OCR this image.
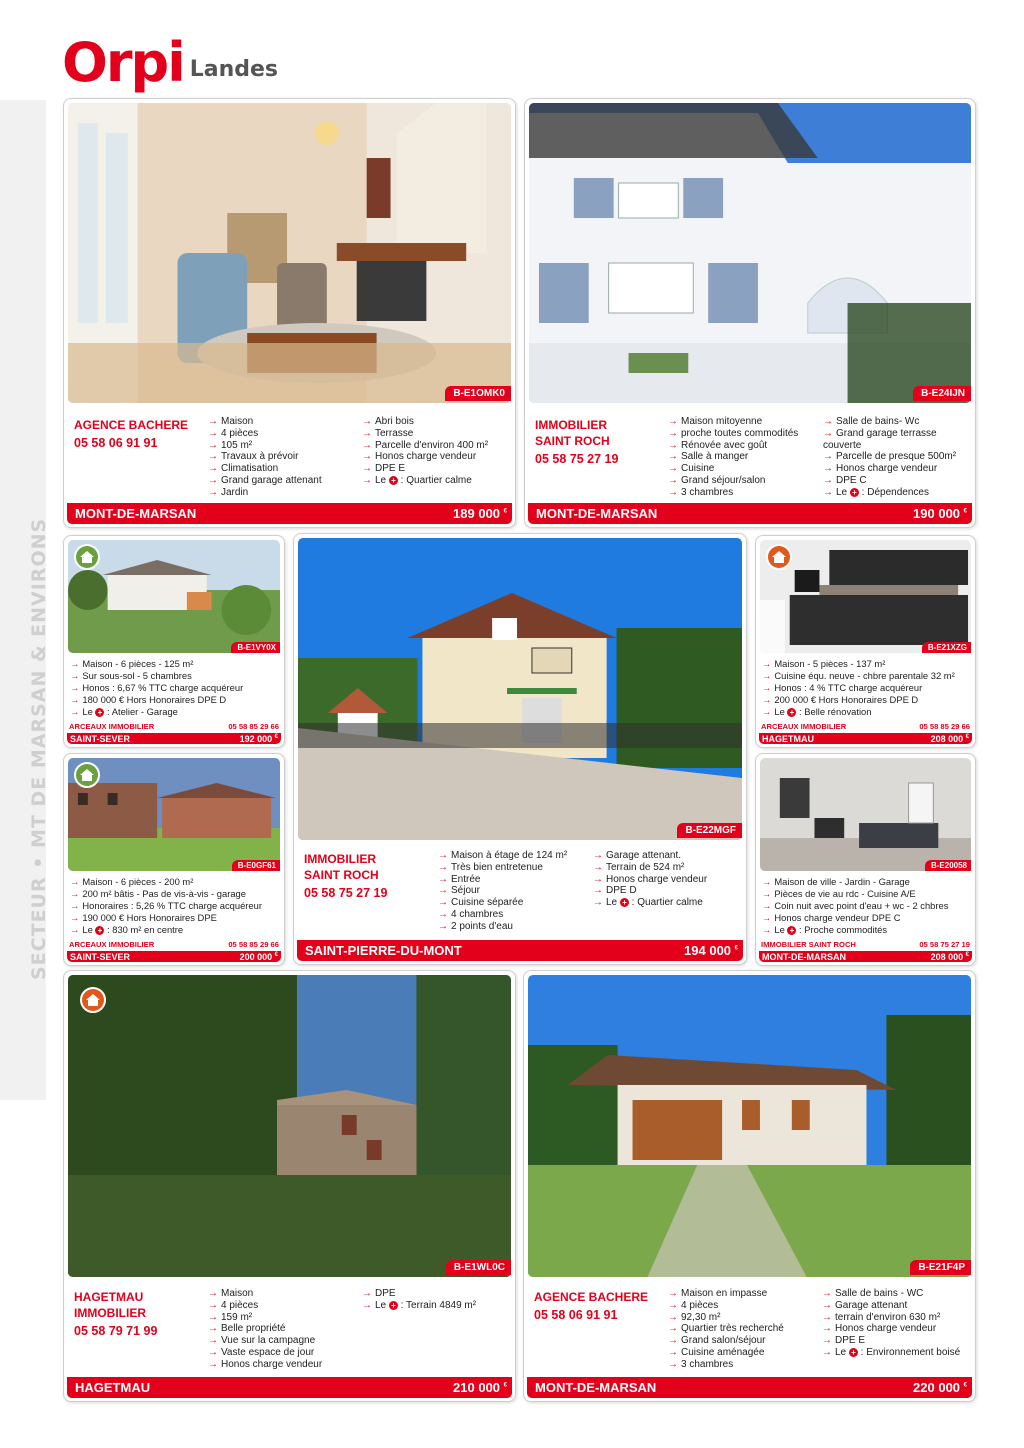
Orpi Landes
SECTEUR • MT DE MARSAN & ENVIRONS
B-E1OMK0
AGENCE BACHERE
05 58 06 91 91
→ Maison
→ 4 pièces
→ 105 m²
→ Travaux à prévoir
→ Climatisation
→ Grand garage attenant
→ Jardin
→ Abri bois
→ Terrasse
→ Parcelle d'environ 400 m²
→ Honos charge vendeur
→ DPE E
→ Le + : Quartier calme
MONT-DE-MARSAN	189 000 €
B-E24IJN
IMMOBILIER
SAINT ROCH
05 58 75 27 19
→ Maison mitoyenne
→ proche toutes commodités
→ Rénovée avec goût
→ Salle à manger
→ Cuisine
→ Grand séjour/salon
→ 3 chambres
→ Salle de bains- Wc
→ Grand garage terrasse couverte
→ Parcelle de presque 500m²
→ Honos charge vendeur
→ DPE C
→ Le + : Dépendences
MONT-DE-MARSAN	190 000 €
B-E1VY0X
→ Maison - 6 pièces - 125 m²
→ Sur sous-sol - 5 chambres
→ Honos : 6,67 % TTC charge acquéreur
→ 180 000 € Hors Honoraires DPE D
→ Le + : Atelier - Garage
ARCEAUX IMMOBILIER	05 58 85 29 66
SAINT-SEVER	192 000 €
B-E0GF61
→ Maison - 6 pièces - 200 m²
→ 200 m² bâtis - Pas de vis-à-vis - garage
→ Honoraires : 5,26 % TTC charge acquéreur
→ 190 000 € Hors Honoraires DPE
→ Le + : 830 m² en centre
ARCEAUX IMMOBILIER	05 58 85 29 66
SAINT-SEVER	200 000 €
B-E22MGF
IMMOBILIER
SAINT ROCH
05 58 75 27 19
→ Maison à étage de 124 m²
→ Très bien entretenue
→ Entrée
→ Séjour
→ Cuisine séparée
→ 4 chambres
→ 2 points d'eau
→ Garage attenant.
→ Terrain de 524 m²
→ Honos charge vendeur
→ DPE D
→ Le + : Quartier calme
SAINT-PIERRE-DU-MONT	194 000 €
B-E21XZG
→ Maison - 5 pièces - 137 m²
→ Cuisine équ. neuve - chbre parentale 32 m²
→ Honos : 4 % TTC charge acquéreur
→ 200 000 € Hors Honoraires DPE D
→ Le + : Belle rénovation
ARCEAUX IMMOBILIER	05 58 85 29 66
HAGETMAU	208 000 €
B-E20058
→ Maison de ville - Jardin - Garage
→ Pièces de vie au rdc - Cuisine A/E
→ Coin nuit avec point d'eau + wc - 2 chbres
→ Honos charge vendeur DPE C
→ Le + : Proche commodités
IMMOBILIER SAINT ROCH	05 58 75 27 19
MONT-DE-MARSAN	208 000 €
B-E1WL0C
HAGETMAU
IMMOBILIER
05 58 79 71 99
→ Maison
→ 4 pièces
→ 159 m²
→ Belle propriété
→ Vue sur la campagne
→ Vaste espace de jour
→ Honos charge vendeur
→ DPE
→ Le + : Terrain 4849 m²
HAGETMAU	210 000 €
B-E21F4P
AGENCE BACHERE
05 58 06 91 91
→ Maison en impasse
→ 4 pièces
→ 92,30 m²
→ Quartier très recherché
→ Grand salon/séjour
→ Cuisine aménagée
→ 3 chambres
→ Salle de bains - WC
→ Garage attenant
→ terrain d'environ 630 m²
→ Honos charge vendeur
→ DPE E
→ Le + : Environnement boisé
MONT-DE-MARSAN	220 000 €
